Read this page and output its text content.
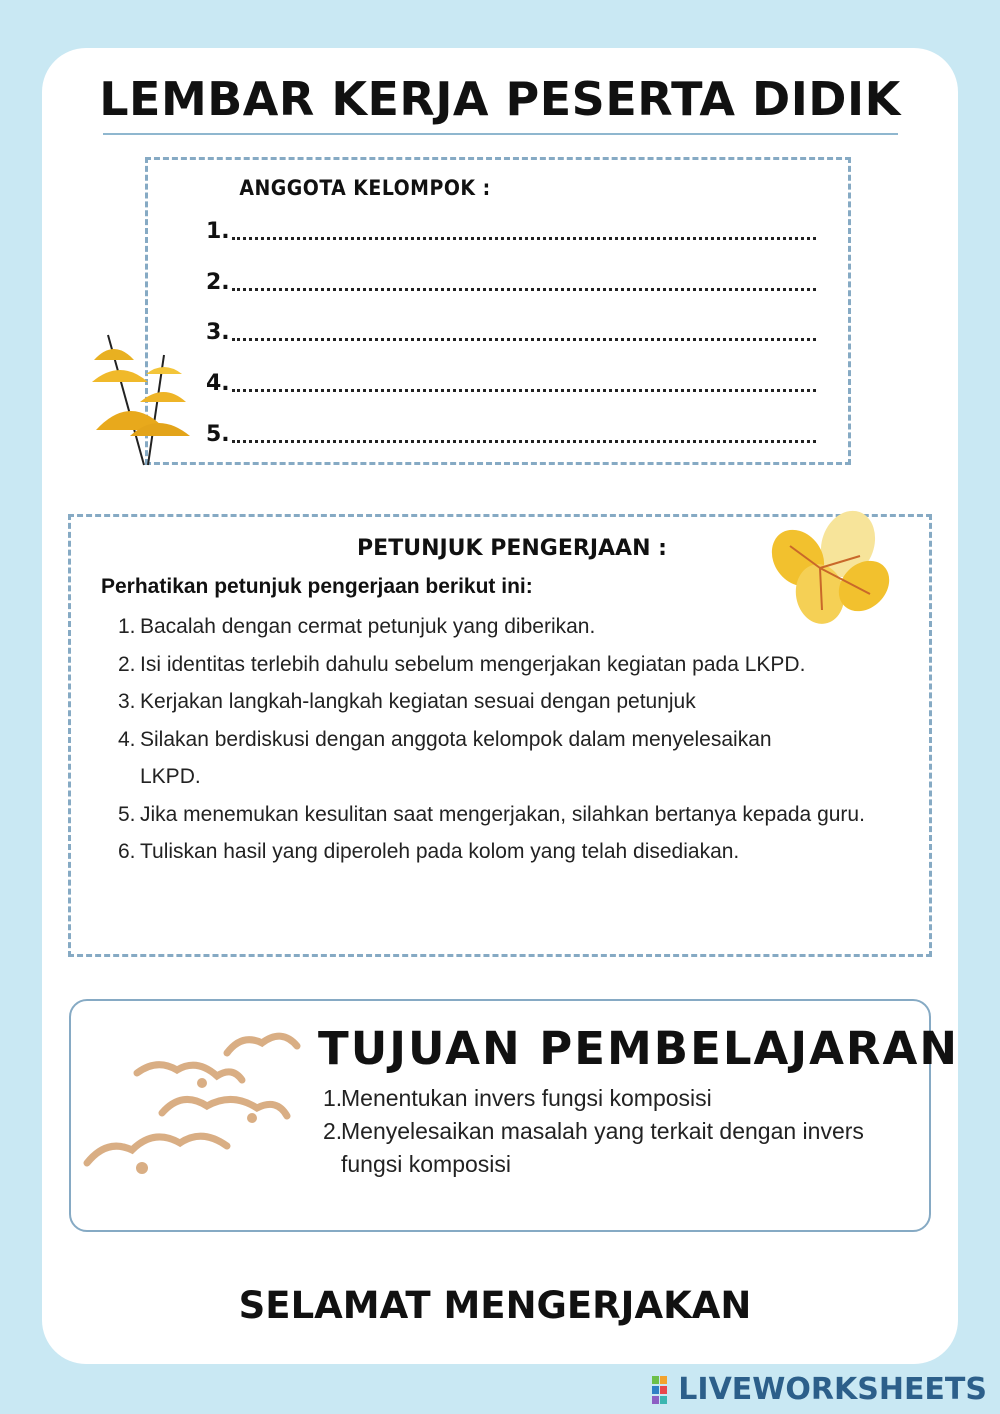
LEMBAR KERJA PESERTA DIDIK
ANGGOTA KELOMPOK :
1.
2.
3.
4.
5.
PETUNJUK PENGERJAAN :

Perhatikan petunjuk pengerjaan berikut ini:

1. Bacalah dengan cermat petunjuk yang diberikan.
2. Isi identitas terlebih dahulu sebelum mengerjakan kegiatan pada LKPD.
3. Kerjakan langkah-langkah kegiatan sesuai dengan petunjuk
4. Silakan berdiskusi dengan anggota kelompok dalam menyelesaikan LKPD.
5. Jika menemukan kesulitan saat mengerjakan, silahkan bertanya kepada guru.
6. Tuliskan hasil yang diperoleh pada kolom yang telah disediakan.
TUJUAN PEMBELAJARAN
1.
Menentukan invers fungsi komposisi
2.
Menyelesaikan masalah yang terkait dengan invers fungsi komposisi
SELAMAT MENGERJAKAN
LIVEWORKSHEETS
